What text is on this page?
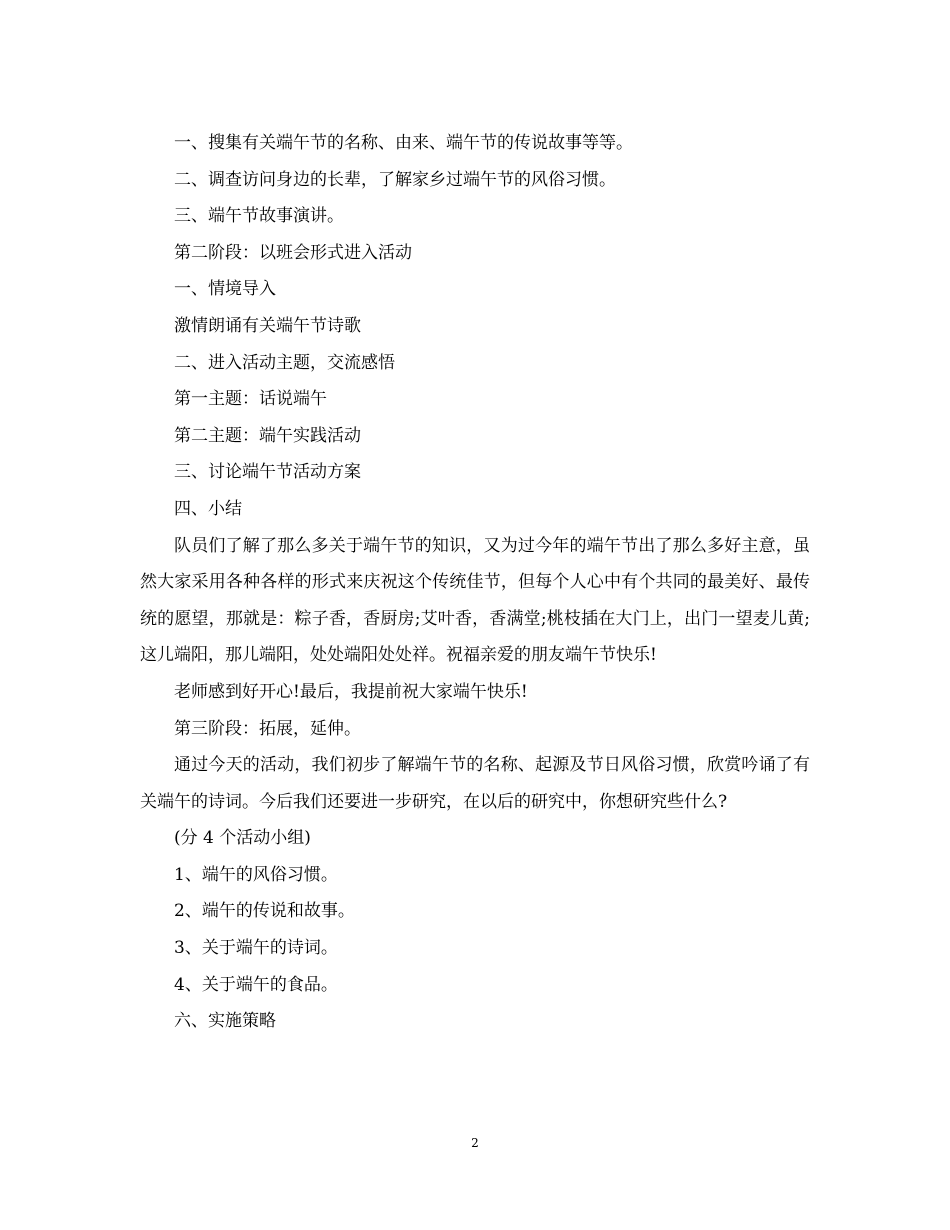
一、搜集有关端午节的名称、由来、端午节的传说故事等等。

二、调查访问身边的长辈，了解家乡过端午节的风俗习惯。

三、端午节故事演讲。

第二阶段：以班会形式进入活动

一、情境导入

激情朗诵有关端午节诗歌

二、进入活动主题，交流感悟

第一主题：话说端午

第二主题：端午实践活动

三、讨论端午节活动方案

四、小结

队员们了解了那么多关于端午节的知识，又为过今年的端午节出了那么多好主意，虽然大家采用各种各样的形式来庆祝这个传统佳节，但每个人心中有个共同的最美好、最传统的愿望，那就是：粽子香，香厨房;艾叶香，香满堂;桃枝插在大门上，出门一望麦儿黄;这儿端阳，那儿端阳，处处端阳处处祥。祝福亲爱的朋友端午节快乐!

老师感到好开心!最后，我提前祝大家端午快乐!

第三阶段：拓展，延伸。

通过今天的活动，我们初步了解端午节的名称、起源及节日风俗习惯，欣赏吟诵了有关端午的诗词。今后我们还要进一步研究，在以后的研究中，你想研究些什么?

(分 4 个活动小组)

1、端午的风俗习惯。

2、端午的传说和故事。

3、关于端午的诗词。

4、关于端午的食品。

六、实施策略

2
